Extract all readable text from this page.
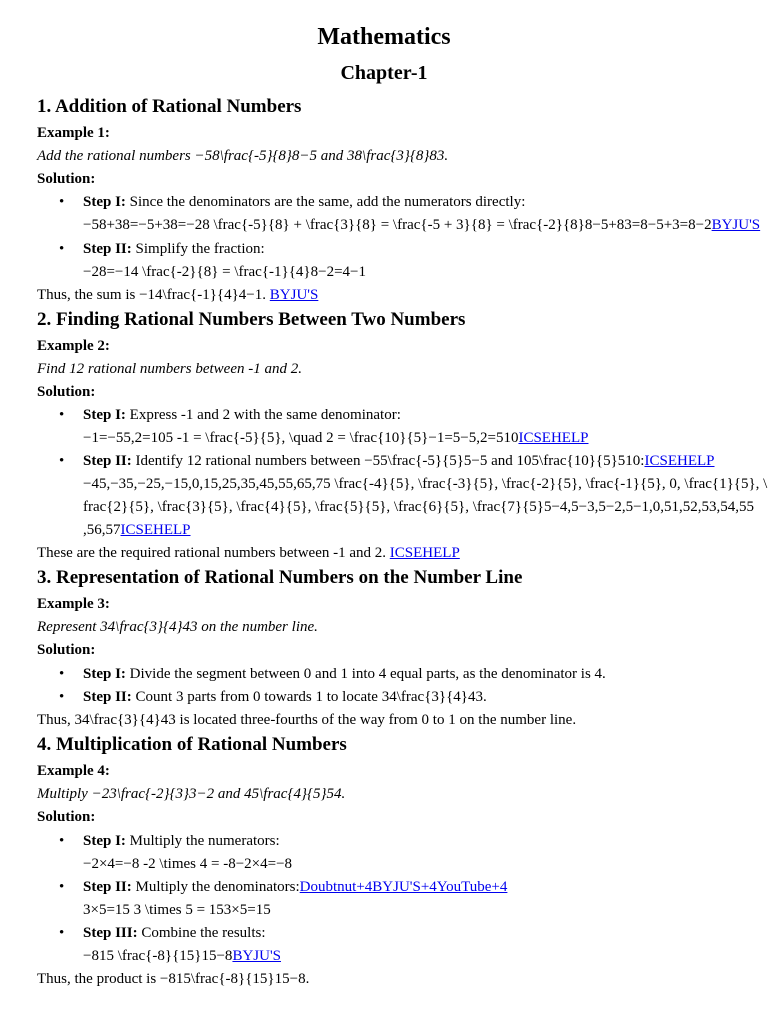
Mathematics
Chapter-1
1. Addition of Rational Numbers
Example 1:
Add the rational numbers −58\frac{-5}{8}8−5 and 38\frac{3}{8}83.
Solution:
• Step I: Since the denominators are the same, add the numerators directly:
−58+38=−5+38=−28 \frac{-5}{8} + \frac{3}{8} = \frac{-5 + 3}{8} = \frac{-2}{8}8−5+83=8−5+3=8−2BYJU'S
• Step II: Simplify the fraction:
−28=−14 \frac{-2}{8} = \frac{-1}{4}8−2=4−1
Thus, the sum is −14\frac{-1}{4}4−1. BYJU'S
2. Finding Rational Numbers Between Two Numbers
Example 2:
Find 12 rational numbers between -1 and 2.
Solution:
• Step I: Express -1 and 2 with the same denominator:
−1=−55,2=105 -1 = \frac{-5}{5}, \quad 2 = \frac{10}{5}−1=5−5,2=510ICSEHELP
• Step II: Identify 12 rational numbers between −55\frac{-5}{5}5−5 and 105\frac{10}{5}510:ICSEHELP
−45,−35,−25,−15,0,15,25,35,45,55,65,75 \frac{-4}{5}, \frac{-3}{5}, \frac{-2}{5}, \frac{-1}{5}, 0, \frac{1}{5}, \
frac{2}{5}, \frac{3}{5}, \frac{4}{5}, \frac{5}{5}, \frac{6}{5}, \frac{7}{5}5−4,5−3,5−2,5−1,0,51,52,53,54,55
,56,57ICSEHELP
These are the required rational numbers between -1 and 2. ICSEHELP
3. Representation of Rational Numbers on the Number Line
Example 3:
Represent 34\frac{3}{4}43 on the number line.
Solution:
• Step I: Divide the segment between 0 and 1 into 4 equal parts, as the denominator is 4.
• Step II: Count 3 parts from 0 towards 1 to locate 34\frac{3}{4}43.
Thus, 34\frac{3}{4}43 is located three-fourths of the way from 0 to 1 on the number line.
4. Multiplication of Rational Numbers
Example 4:
Multiply −23\frac{-2}{3}3−2 and 45\frac{4}{5}54.
Solution:
• Step I: Multiply the numerators:
−2×4=−8 -2 \times 4 = -8−2×4=−8
• Step II: Multiply the denominators:Doubtnut+4BYJU'S+4YouTube+4
3×5=15 3 \times 5 = 153×5=15
• Step III: Combine the results:
−815 \frac{-8}{15}15−8BYJU'S
Thus, the product is −815\frac{-8}{15}15−8.
